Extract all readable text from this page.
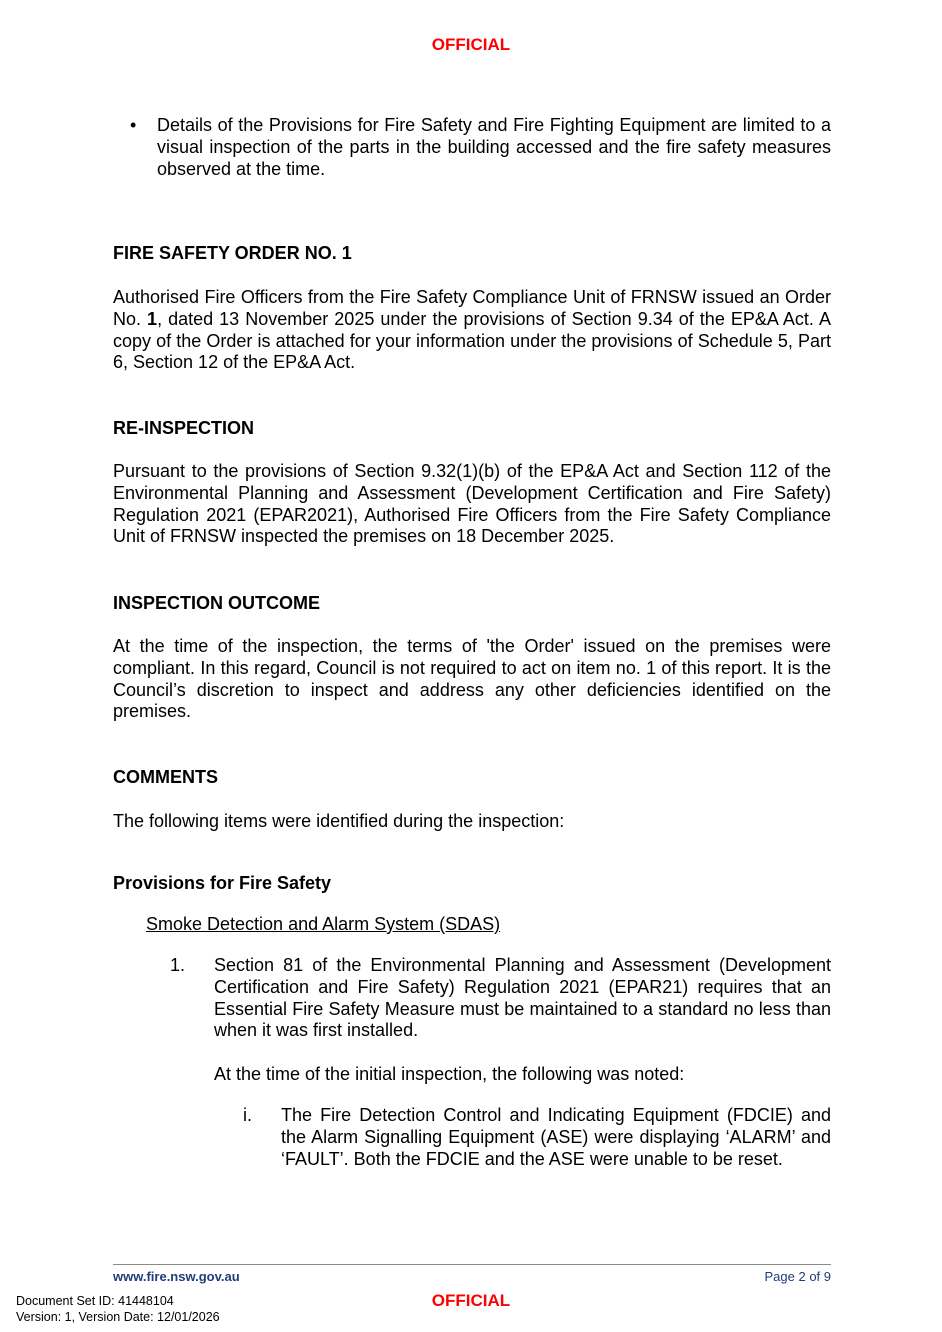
OFFICIAL
• Details of the Provisions for Fire Safety and Fire Fighting Equipment are limited to a visual inspection of the parts in the building accessed and the fire safety measures observed at the time.
FIRE SAFETY ORDER NO. 1
Authorised Fire Officers from the Fire Safety Compliance Unit of FRNSW issued an Order No. 1, dated 13 November 2025 under the provisions of Section 9.34 of the EP&A Act. A copy of the Order is attached for your information under the provisions of Schedule 5, Part 6, Section 12 of the EP&A Act.
RE-INSPECTION
Pursuant to the provisions of Section 9.32(1)(b) of the EP&A Act and Section 112 of the Environmental Planning and Assessment (Development Certification and Fire Safety) Regulation 2021 (EPAR2021), Authorised Fire Officers from the Fire Safety Compliance Unit of FRNSW inspected the premises on 18 December 2025.
INSPECTION OUTCOME
At the time of the inspection, the terms of 'the Order' issued on the premises were compliant. In this regard, Council is not required to act on item no. 1 of this report. It is the Council’s discretion to inspect and address any other deficiencies identified on the premises.
COMMENTS
The following items were identified during the inspection:
Provisions for Fire Safety
Smoke Detection and Alarm System (SDAS)
1. Section 81 of the Environmental Planning and Assessment (Development Certification and Fire Safety) Regulation 2021 (EPAR21) requires that an Essential Fire Safety Measure must be maintained to a standard no less than when it was first installed.
At the time of the initial inspection, the following was noted:
i. The Fire Detection Control and Indicating Equipment (FDCIE) and the Alarm Signalling Equipment (ASE) were displaying ‘ALARM’ and ‘FAULT’. Both the FDCIE and the ASE were unable to be reset.
www.fire.nsw.gov.au	Page 2 of 9
Document Set ID: 41448104
Version: 1, Version Date: 12/01/2026
OFFICIAL
